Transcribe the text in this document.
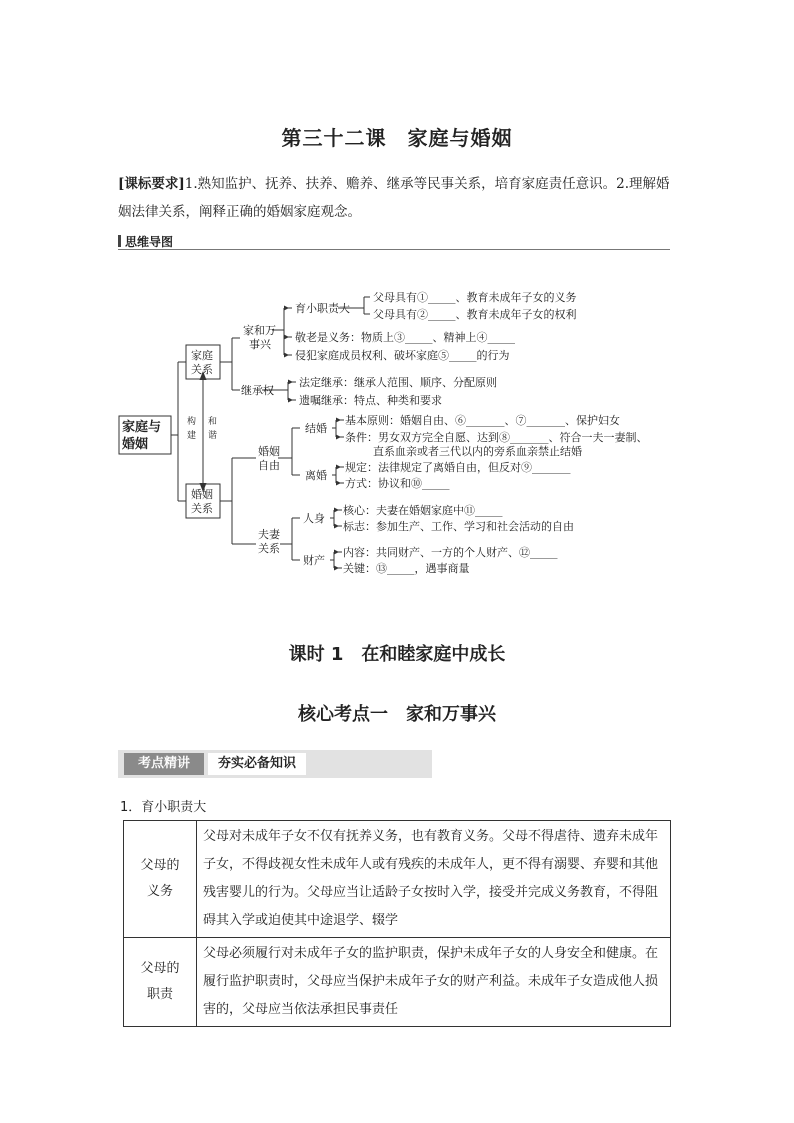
第三十二课　家庭与婚姻
[课标要求]1.熟知监护、抚养、扶养、赡养、继承等民事关系，培育家庭责任意识。2.理解婚姻法律关系，阐释正确的婚姻家庭观念。
思维导图
家庭与
婚姻
家庭
关系
婚姻
关系
构
建
和
谐
家和万
事兴
继承权
婚姻
自由
夫妻
关系
育小职责大
父母具有①_____、教育未成年子女的义务
父母具有②_____、教育未成年子女的权利
敬老是义务：物质上③_____、精神上④_____
侵犯家庭成员权利、破坏家庭⑤_____的行为
法定继承：继承人范围、顺序、分配原则
遗嘱继承：特点、种类和要求
结婚
基本原则：婚姻自由、⑥_______、⑦_______、保护妇女
条件：男女双方完全自愿、达到⑧_______、符合一夫一妻制、
直系血亲或者三代以内的旁系血亲禁止结婚
离婚
规定：法律规定了离婚自由，但反对⑨_______
方式：协议和⑩_____
人身
核心：夫妻在婚姻家庭中⑪_____
标志：参加生产、工作、学习和社会活动的自由
财产
内容：共同财产、一方的个人财产、⑫_____
关键：⑬_____，遇事商量
课时 1　在和睦家庭中成长
核心考点一　家和万事兴
考点精讲	夯实必备知识
1．育小职责大
父母的
义务	父母对未成年子女不仅有抚养义务，也有教育义务。父母不得虐待、遗弃未成年子女，不得歧视女性未成年人或有残疾的未成年人，更不得有溺婴、弃婴和其他残害婴儿的行为。父母应当让适龄子女按时入学，接受并完成义务教育，不得阻碍其入学或迫使其中途退学、辍学

父母的
职责	父母必须履行对未成年子女的监护职责，保护未成年子女的人身安全和健康。在履行监护职责时，父母应当保护未成年子女的财产利益。未成年子女造成他人损害的，父母应当依法承担民事责任
